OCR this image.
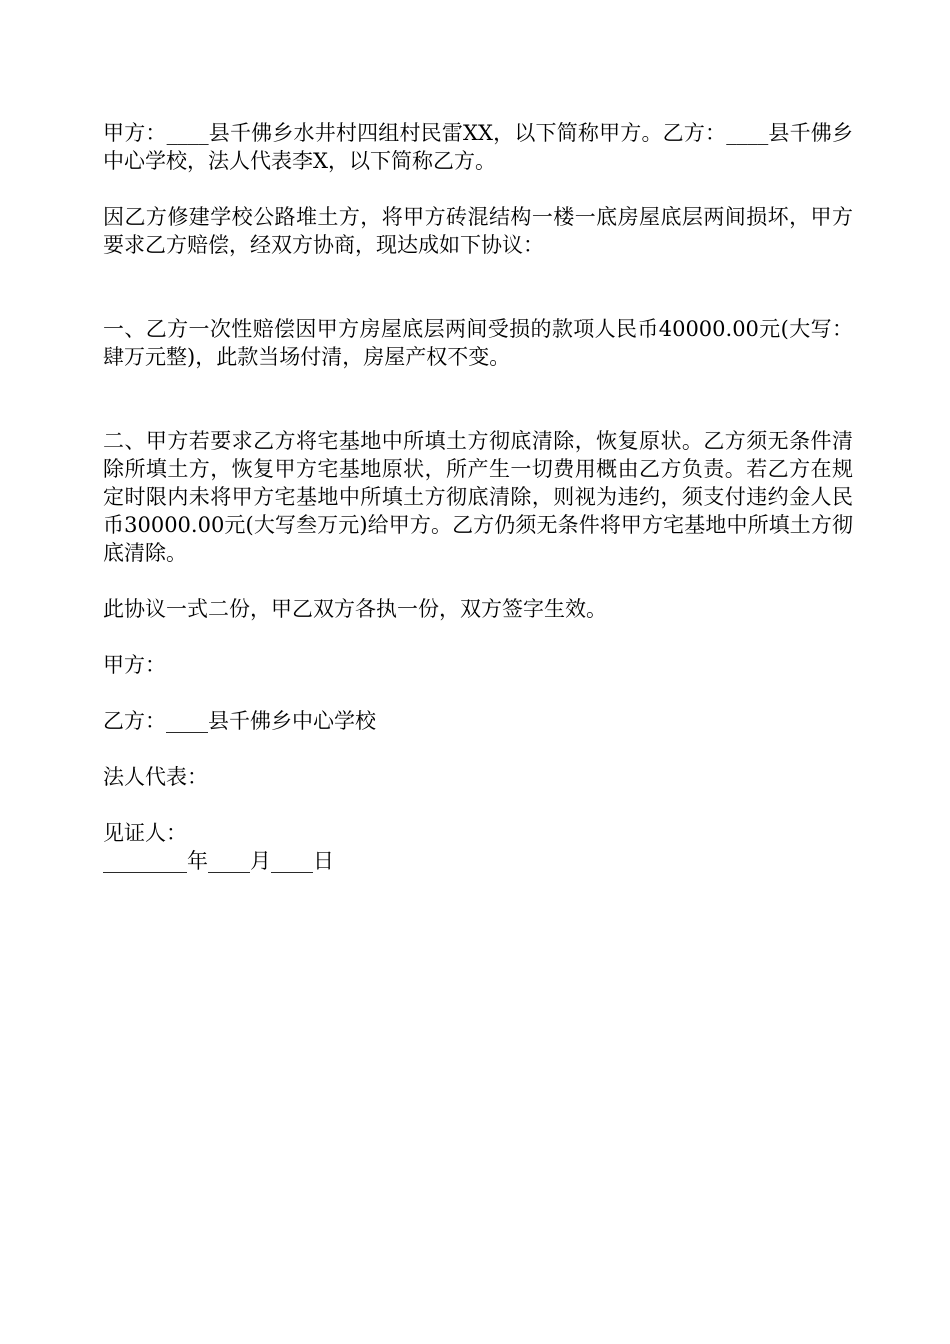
甲方：____县千佛乡水井村四组村民雷XX，以下简称甲方。乙方：____县千佛乡中心学校，法人代表李X，以下简称乙方。

因乙方修建学校公路堆土方，将甲方砖混结构一楼一底房屋底层两间损坏，甲方要求乙方赔偿，经双方协商，现达成如下协议：

一、乙方一次性赔偿因甲方房屋底层两间受损的款项人民币40000.00元(大写：肆万元整)，此款当场付清，房屋产权不变。

二、甲方若要求乙方将宅基地中所填土方彻底清除，恢复原状。乙方须无条件清除所填土方，恢复甲方宅基地原状，所产生一切费用概由乙方负责。若乙方在规定时限内未将甲方宅基地中所填土方彻底清除，则视为违约，须支付违约金人民币30000.00元(大写叁万元)给甲方。乙方仍须无条件将甲方宅基地中所填土方彻底清除。

此协议一式二份，甲乙双方各执一份，双方签字生效。

甲方：

乙方：____县千佛乡中心学校

法人代表：

见证人：

________年____月____日
